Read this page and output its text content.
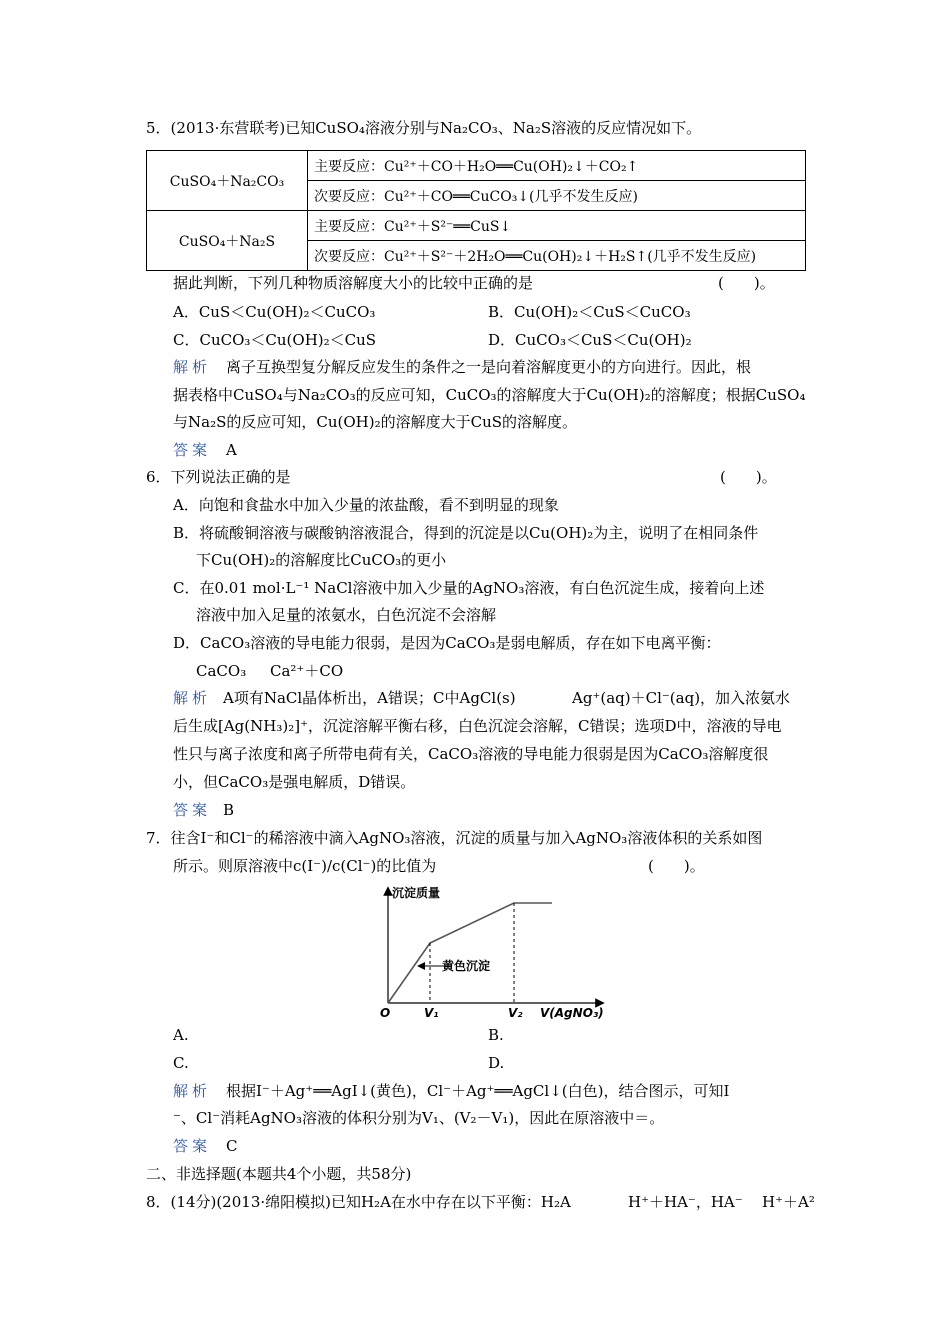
5．(2013·东营联考)已知CuSO₄溶液分别与Na₂CO₃、Na₂S溶液的反应情况如下。
CuSO₄＋Na₂CO₃	主要反应：Cu²⁺＋CO＋H₂O══Cu(OH)₂↓＋CO₂↑
	次要反应：Cu²⁺＋CO══CuCO₃↓(几乎不发生反应)
CuSO₄＋Na₂S	主要反应：Cu²⁺＋S²⁻══CuS↓
	次要反应：Cu²⁺＋S²⁻＋2H₂O══Cu(OH)₂↓＋H₂S↑(几乎不发生反应)
据此判断，下列几种物质溶解度大小的比较中正确的是	(　　)。
A．CuS＜Cu(OH)₂＜CuCO₃	B．Cu(OH)₂＜CuS＜CuCO₃
C．CuCO₃＜Cu(OH)₂＜CuS	D．CuCO₃＜CuS＜Cu(OH)₂
解析 离子互换型复分解反应发生的条件之一是向着溶解度更小的方向进行。因此，根
据表格中CuSO₄与Na₂CO₃的反应可知，CuCO₃的溶解度大于Cu(OH)₂的溶解度；根据CuSO₄
与Na₂S的反应可知，Cu(OH)₂的溶解度大于CuS的溶解度。
答案 A
6．下列说法正确的是	(　　)。
A．向饱和食盐水中加入少量的浓盐酸，看不到明显的现象
B．将硫酸铜溶液与碳酸钠溶液混合，得到的沉淀是以Cu(OH)₂为主，说明了在相同条件
下Cu(OH)₂的溶解度比CuCO₃的更小
C．在0.01 mol·L⁻¹ NaCl溶液中加入少量的AgNO₃溶液，有白色沉淀生成，接着向上述
溶液中加入足量的浓氨水，白色沉淀不会溶解
D．CaCO₃溶液的导电能力很弱，是因为CaCO₃是弱电解质，存在如下电离平衡：
CaCO₃ Ca²⁺＋CO
解析 A项有NaCl晶体析出，A错误；C中AgCl(s)	Ag⁺(aq)＋Cl⁻(aq)，加入浓氨水
后生成[Ag(NH₃)₂]⁺，沉淀溶解平衡右移，白色沉淀会溶解，C错误；选项D中，溶液的导电
性只与离子浓度和离子所带电荷有关，CaCO₃溶液的导电能力很弱是因为CaCO₃溶解度很
小，但CaCO₃是强电解质，D错误。
答案 B
7．往含I⁻和Cl⁻的稀溶液中滴入AgNO₃溶液，沉淀的质量与加入AgNO₃溶液体积的关系如图
所示。则原溶液中c(I⁻)/c(Cl⁻)的比值为	(　　)。
沉淀质量
O	V₁	V₂ V(AgNO₃)
黄色沉淀
A.	B.
C.	D.
解析 根据I⁻＋Ag⁺══AgI↓(黄色)，Cl⁻＋Ag⁺══AgCl↓(白色)，结合图示，可知I
⁻、Cl⁻消耗AgNO₃溶液的体积分别为V₁、(V₂－V₁)，因此在原溶液中＝。
答案 C
二、非选择题(本题共4个小题，共58分)
8．(14分)(2013·绵阳模拟)已知H₂A在水中存在以下平衡：H₂A	H⁺＋HA⁻，HA⁻ H⁺＋A²
